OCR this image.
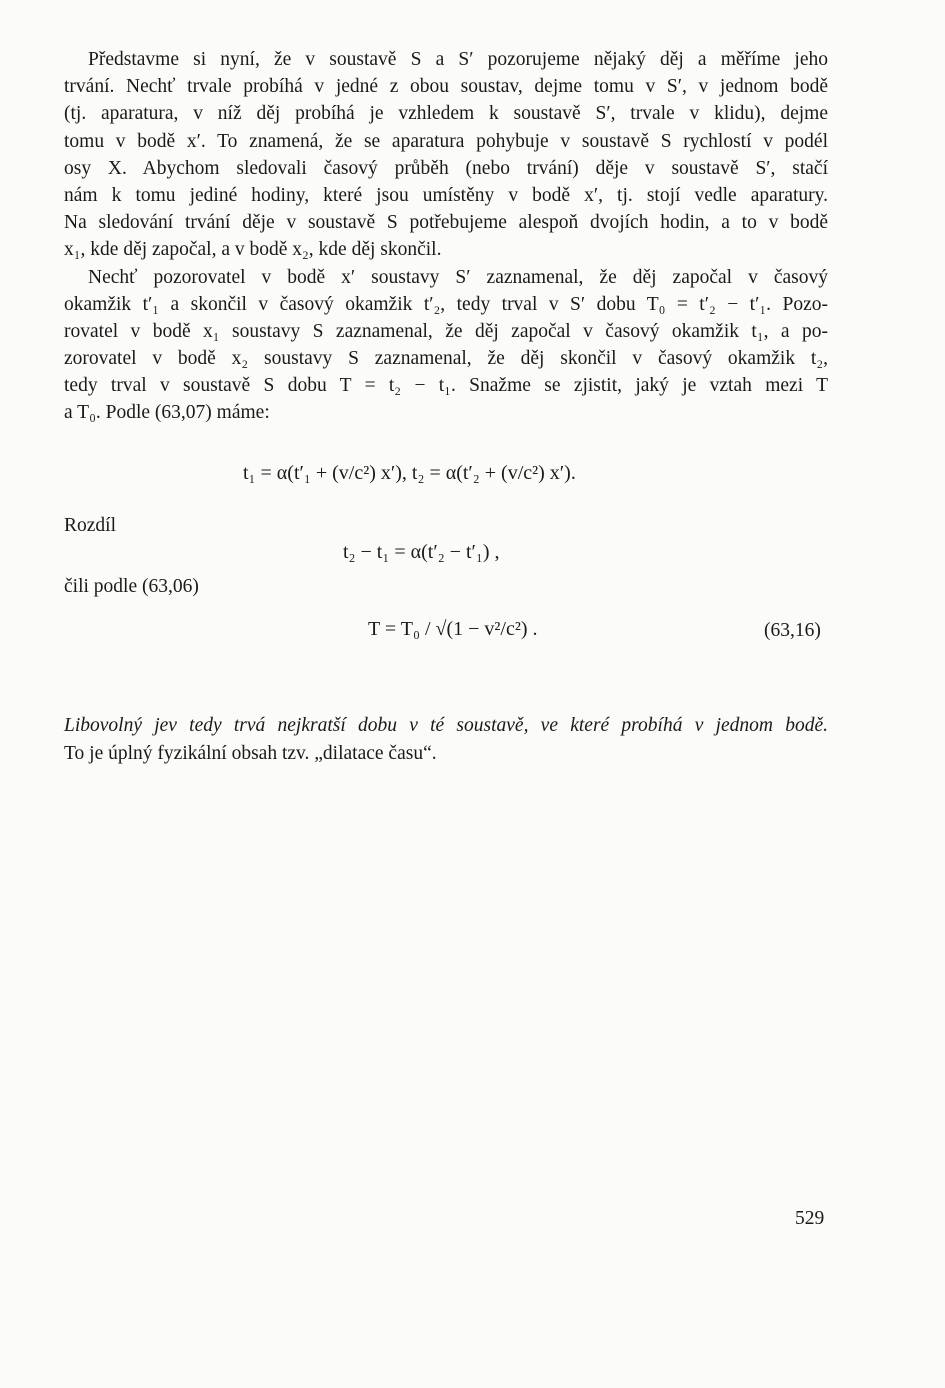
Představme si nyní, že v soustavě S a S′ pozorujeme nějaký děj a měříme jeho
trvání. Nechť trvale probíhá v jedné z obou soustav, dejme tomu v S′, v jednom bodě
(tj. aparatura, v níž děj probíhá je vzhledem k soustavě S′, trvale v klidu), dejme
tomu v bodě x′. To znamená, že se aparatura pohybuje v soustavě S rychlostí v podél
osy X. Abychom sledovali časový průběh (nebo trvání) děje v soustavě S′, stačí
nám k tomu jediné hodiny, které jsou umístěny v bodě x′, tj. stojí vedle aparatury.
Na sledování trvání děje v soustavě S potřebujeme alespoň dvojích hodin, a to v bodě
x₁, kde děj započal, a v bodě x₂, kde děj skončil.
Nechť pozorovatel v bodě x′ soustavy S′ zaznamenal, že děj započal v časový
okamžik t′₁ a skončil v časový okamžik t′₂, tedy trval v S′ dobu T₀ = t′₂ − t′₁. Pozo-
rovatel v bodě x₁ soustavy S zaznamenal, že děj započal v časový okamžik t₁, a po-
zorovatel v bodě x₂ soustavy S zaznamenal, že děj skončil v časový okamžik t₂,
tedy trval v soustavě S dobu T = t₂ − t₁. Snažme se zjistit, jaký je vztah mezi T
a T₀. Podle (63,07) máme:
t₁ = α(t′₁ + (v/c²) x′), t₂ = α(t′₂ + (v/c²) x′).
Rozdíl
t₂ − t₁ = α(t′₂ − t′₁) ,
čili podle (63,06)
T = T₀ / √(1 − v²/c²) .	(63,16)
Libovolný jev tedy trvá nejkratší dobu v té soustavě, ve které probíhá v jednom bodě.
To je úplný fyzikální obsah tzv. „dilatace času“.
529
